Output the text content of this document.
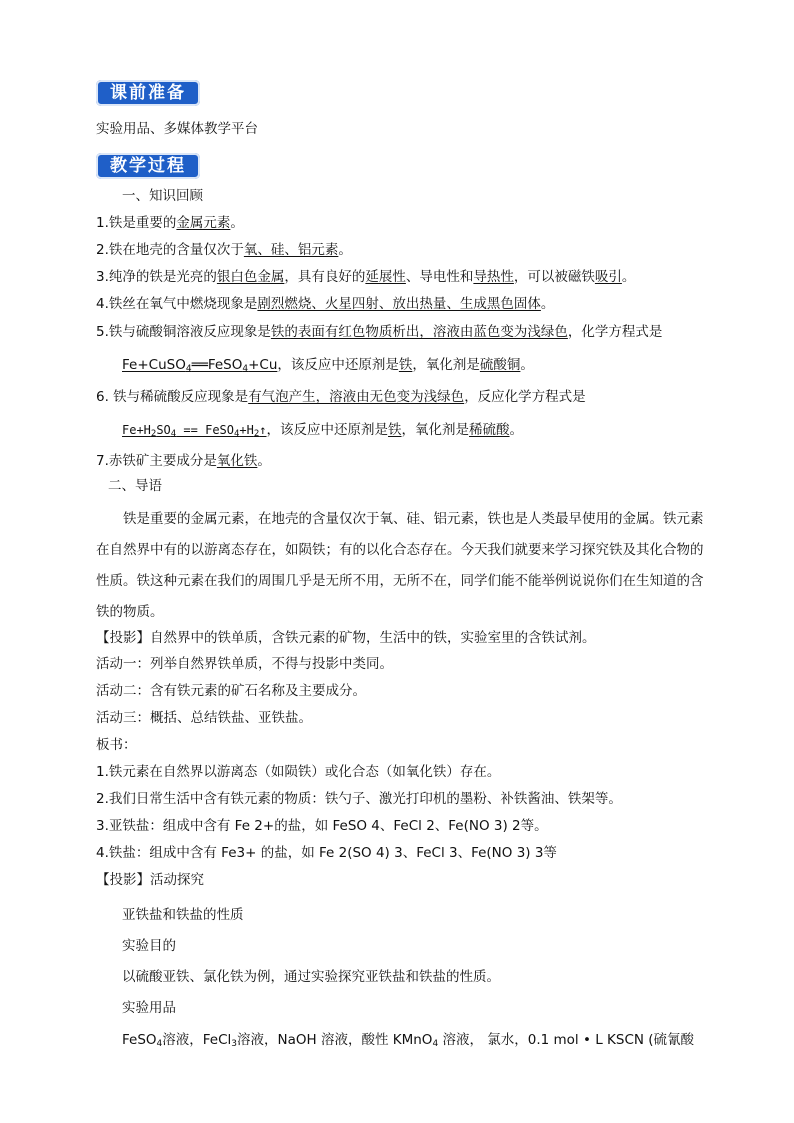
课前准备
实验用品、多媒体教学平台
教学过程
一、知识回顾
1.铁是重要的金属元素。
2.铁在地壳的含量仅次于氧、硅、铝元素。
3.纯净的铁是光亮的银白色金属，具有良好的延展性、导电性和导热性，可以被磁铁吸引。
4.铁丝在氧气中燃烧现象是剧烈燃烧、火星四射、放出热量、生成黑色固体。
5.铁与硫酸铜溶液反应现象是铁的表面有红色物质析出，溶液由蓝色变为浅绿色，化学方程式是
Fe+CuSO$_4$══FeSO$_4$+Cu，该反应中还原剂是铁，氧化剂是硫酸铜。
6. 铁与稀硫酸反应现象是有气泡产生，溶液由无色变为浅绿色，反应化学方程式是
$Fe+H_2SO_4$ == $FeSO_4+H_2↑$，该反应中还原剂是铁，氧化剂是稀硫酸。
7.赤铁矿主要成分是氧化铁。
二、导语
铁是重要的金属元素，在地壳的含量仅次于氧、硅、铝元素，铁也是人类最早使用的金属。铁元素在自然界中有的以游离态存在，如陨铁；有的以化合态存在。今天我们就要来学习探究铁及其化合物的性质。铁这种元素在我们的周围几乎是无所不用，无所不在，同学们能不能举例说说你们在生知道的含铁的物质。
【投影】自然界中的铁单质，含铁元素的矿物，生活中的铁，实验室里的含铁试剂。
活动一：列举自然界铁单质，不得与投影中类同。
活动二：含有铁元素的矿石名称及主要成分。
活动三：概括、总结铁盐、亚铁盐。
板书：
1.铁元素在自然界以游离态（如陨铁）或化合态（如氧化铁）存在。
2.我们日常生活中含有铁元素的物质：铁勺子、激光打印机的墨粉、补铁酱油、铁架等。
3.亚铁盐：组成中含有 Fe 2+的盐，如 FeSO 4、FeCl 2、Fe(NO 3) 2等。
4.铁盐：组成中含有 Fe3+ 的盐，如 Fe 2(SO 4) 3、FeCl 3、Fe(NO 3) 3等
【投影】活动探究
亚铁盐和铁盐的性质
实验目的
以硫酸亚铁、氯化铁为例，通过实验探究亚铁盐和铁盐的性质。
实验用品
FeSO$_4$溶液，FeCl$_3$溶液，NaOH 溶液，酸性 KMnO$_4$ 溶液， 氯水，0.1 mol • L KSCN (硫氰酸
